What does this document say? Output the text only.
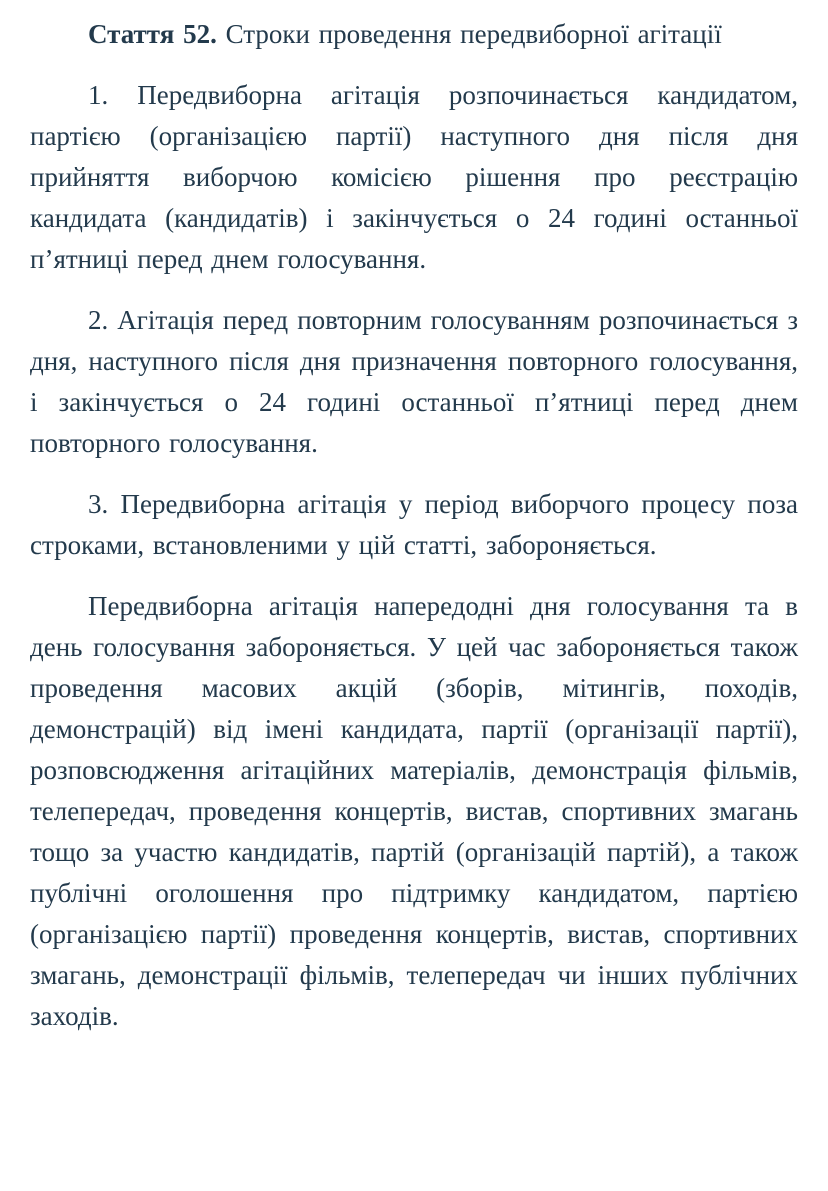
Стаття 52. Строки проведення передвиборної агітації

1. Передвиборна агітація розпочинається кандидатом, партією (організацією партії) наступного дня після дня прийняття виборчою комісією рішення про реєстрацію кандидата (кандидатів) і закінчується о 24 годині останньої п’ятниці перед днем голосування.

2. Агітація перед повторним голосуванням розпочинається з дня, наступного після дня призначення повторного голосування, і закінчується о 24 годині останньої п’ятниці перед днем повторного голосування.

3. Передвиборна агітація у період виборчого процесу поза строками, встановленими у цій статті, забороняється.

Передвиборна агітація напередодні дня голосування та в день голосування забороняється. У цей час забороняється також проведення масових акцій (зборів, мітингів, походів, демонстрацій) від імені кандидата, партії (організації партії), розповсюдження агітаційних матеріалів, демонстрація фільмів, телепередач, проведення концертів, вистав, спортивних змагань тощо за участю кандидатів, партій (організацій партій), а також публічні оголошення про підтримку кандидатом, партією (організацією партії) проведення концертів, вистав, спортивних змагань, демонстрації фільмів, телепередач чи інших публічних заходів.
